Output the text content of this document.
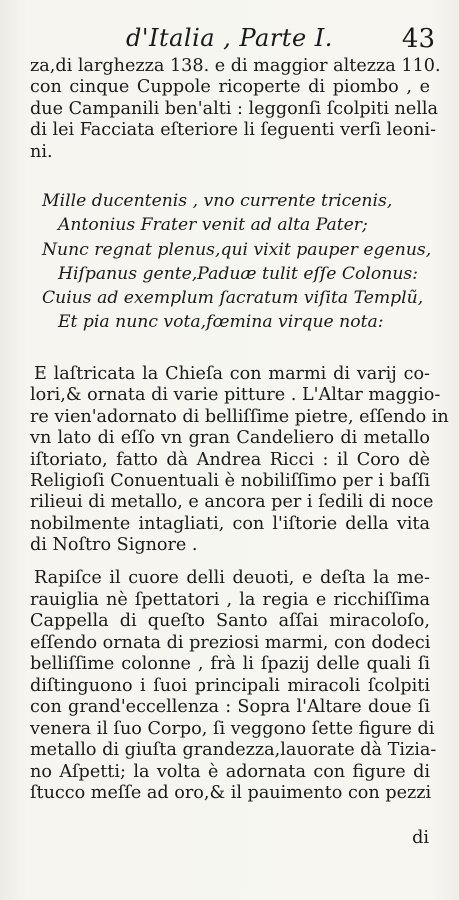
d'Italia , Parte I.	43
za,di larghezza 138. e di maggior altezza 110.
con cinque Cuppole ricoperte di piombo , e
due Campanili ben'alti : leggonſi ſcolpiti nella
di lei Facciata eſteriore li ſeguenti verſi leoni-
ni.
Mille ducentenis , vno currente tricenis,
Antonius Frater venit ad alta Pater;
Nunc regnat plenus,qui vixit pauper egenus,
Hiſpanus gente,Paduæ tulit eſſe Colonus:
Cuius ad exemplum ſacratum viſita Templũ,
Et pia nunc vota,fœmina virque nota:
E laſtricata la Chieſa con marmi di varij co-
lori,& ornata di varie pitture . L'Altar maggio-
re vien'adornato di belliſſime pietre, eſſendo in
vn lato di eſſo vn gran Candeliero di metallo
iſtoriato, fatto dà Andrea Ricci : il Coro dè
Religioſi Conuentuali è nobiliſſimo per i baſſi
rilieui di metallo, e ancora per i ſedili di noce
nobilmente intagliati, con l'iſtorie della vita
di Noſtro Signore .
Rapiſce il cuore delli deuoti, e deſta la me-
rauiglia nè ſpettatori , la regia e ricchiſſima
Cappella di queſto Santo aſſai miracoloſo,
eſſendo ornata di preziosi marmi, con dodeci
belliſſime colonne , frà li ſpazij delle quali ſi
diſtinguono i ſuoi principali miracoli ſcolpiti
con grand'eccellenza : Sopra l'Altare doue ſi
venera il ſuo Corpo, ſi veggono ſette figure di
metallo di giuſta grandezza,lauorate dà Tizia-
no Aſpetti; la volta è adornata con figure di
ſtucco meſſe ad oro,& il pauimento con pezzi
di
